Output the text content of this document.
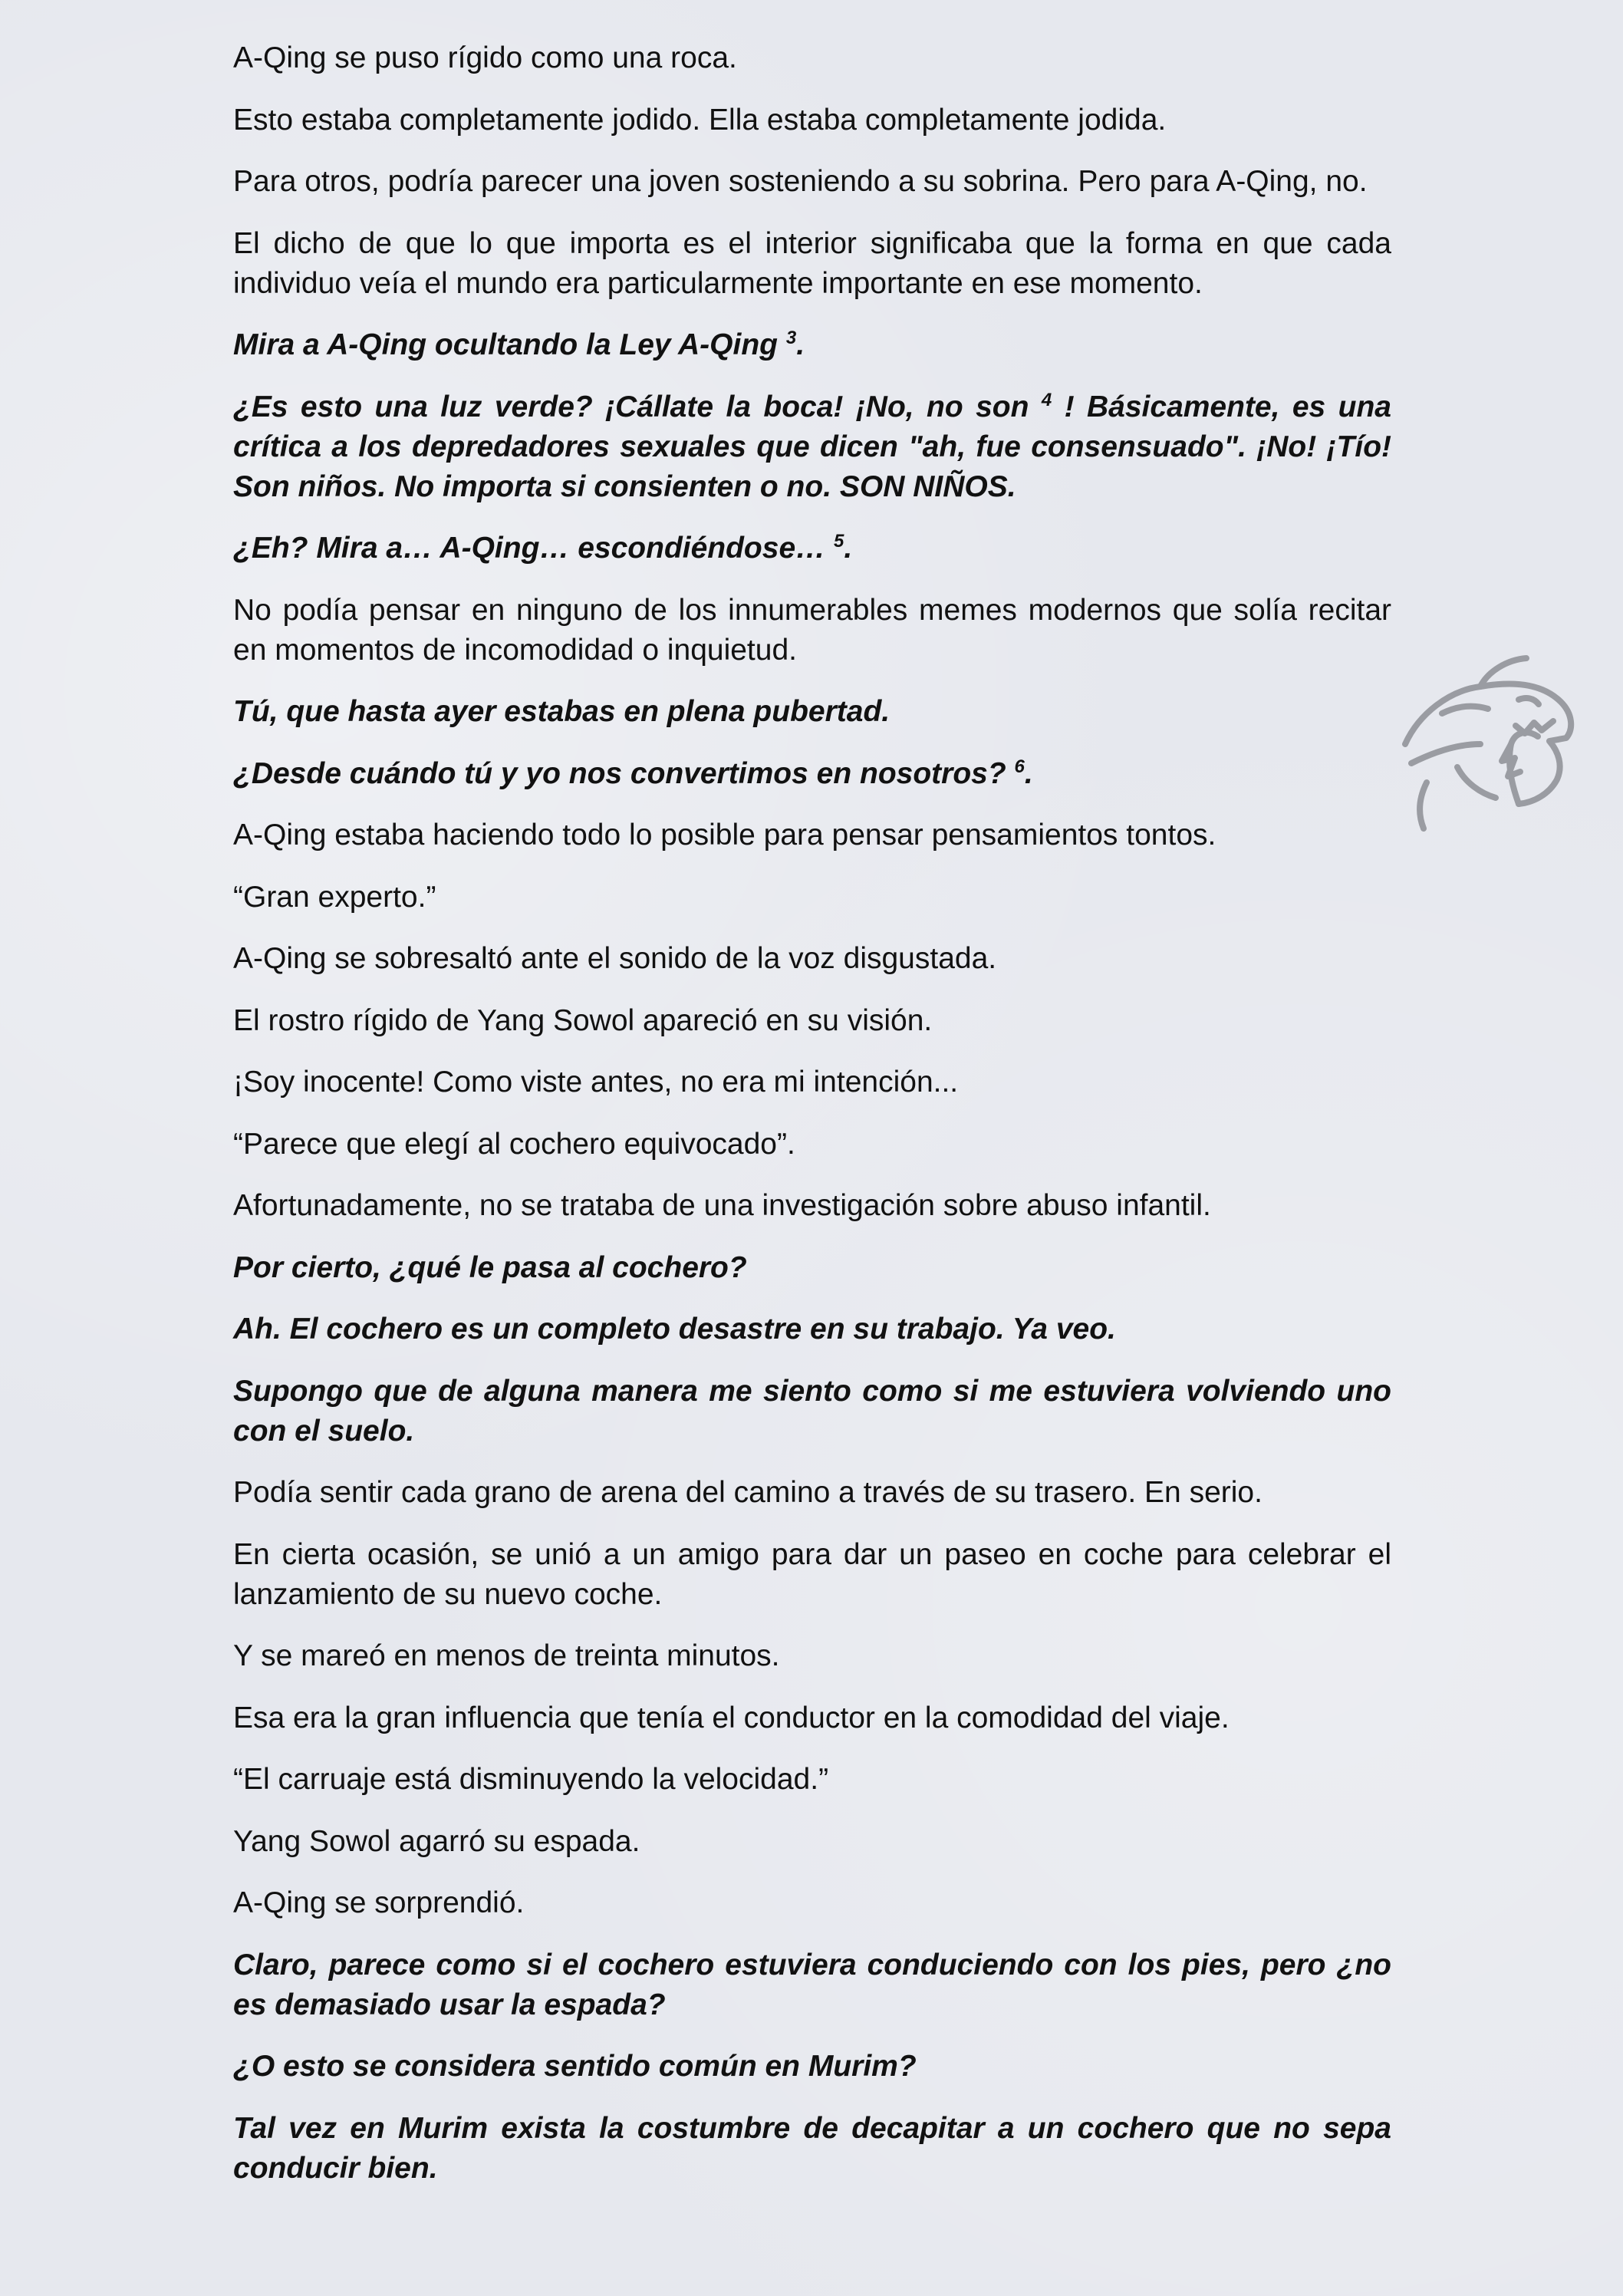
A-Qing se puso rígido como una roca.

Esto estaba completamente jodido. Ella estaba completamente jodida.

Para otros, podría parecer una joven sosteniendo a su sobrina. Pero para A-Qing, no.

El dicho de que lo que importa es el interior significaba que la forma en que cada individuo veía el mundo era particularmente importante en ese momento.

Mira a A-Qing ocultando la Ley A-Qing $^3$.

¿Es esto una luz verde? ¡Cállate la boca! ¡No, no son $^4$ ! Básicamente, es una crítica a los depredadores sexuales que dicen "ah, fue consensuado". ¡No! ¡Tío! Son niños. No importa si consienten o no. SON NIÑOS.

¿Eh? Mira a… A-Qing… escondiéndose… $^5$.

No podía pensar en ninguno de los innumerables memes modernos que solía recitar en momentos de incomodidad o inquietud.

Tú, que hasta ayer estabas en plena pubertad.

¿Desde cuándo tú y yo nos convertimos en nosotros? $^6$.

A-Qing estaba haciendo todo lo posible para pensar pensamientos tontos.

“Gran experto.”

A-Qing se sobresaltó ante el sonido de la voz disgustada.

El rostro rígido de Yang Sowol apareció en su visión.

¡Soy inocente! Como viste antes, no era mi intención...

“Parece que elegí al cochero equivocado”.

Afortunadamente, no se trataba de una investigación sobre abuso infantil.

Por cierto, ¿qué le pasa al cochero?

Ah. El cochero es un completo desastre en su trabajo. Ya veo.

Supongo que de alguna manera me siento como si me estuviera volviendo uno con el suelo.

Podía sentir cada grano de arena del camino a través de su trasero. En serio.

En cierta ocasión, se unió a un amigo para dar un paseo en coche para celebrar el lanzamiento de su nuevo coche.

Y se mareó en menos de treinta minutos.

Esa era la gran influencia que tenía el conductor en la comodidad del viaje.

“El carruaje está disminuyendo la velocidad.”

Yang Sowol agarró su espada.

A-Qing se sorprendió.

Claro, parece como si el cochero estuviera conduciendo con los pies, pero ¿no es demasiado usar la espada?

¿O esto se considera sentido común en Murim?

Tal vez en Murim exista la costumbre de decapitar a un cochero que no sepa conducir bien.
